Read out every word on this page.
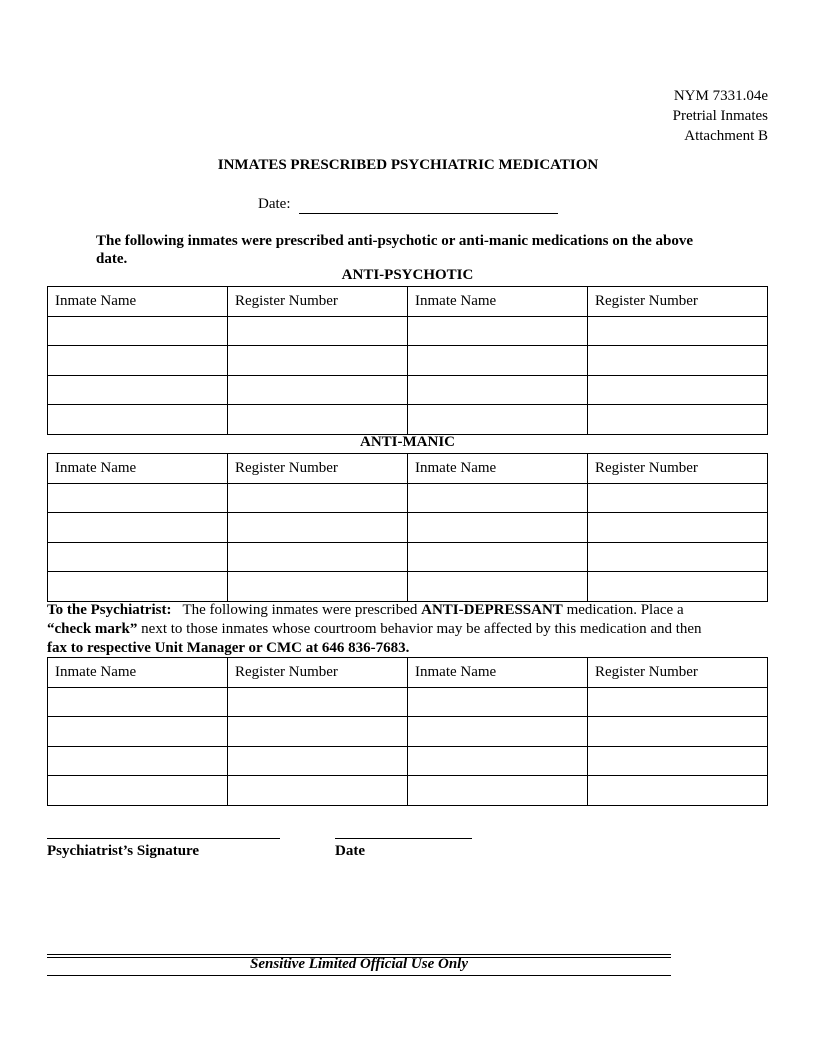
NYM 7331.04e
Pretrial Inmates
Attachment B
INMATES PRESCRIBED PSYCHIATRIC MEDICATION
Date:
The following inmates were prescribed anti-psychotic or anti-manic medications on the above date.
ANTI-PSYCHOTIC
Inmate Name	Register Number	Inmate Name	Register Number

ANTI-MANIC
Inmate Name	Register Number	Inmate Name	Register Number

To the Psychiatrist: The following inmates were prescribed ANTI-DEPRESSANT medication. Place a
“check mark” next to those inmates whose courtroom behavior may be affected by this medication and then
fax to respective Unit Manager or CMC at 646 836-7683.
Inmate Name	Register Number	Inmate Name	Register Number

Psychiatrist’s Signature	Date
Sensitive Limited Official Use Only
